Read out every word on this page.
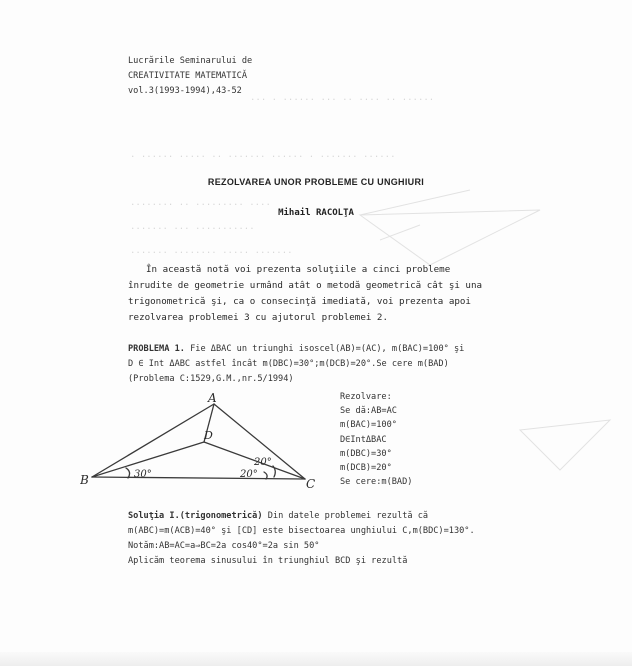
... . ...... ... .. .... .. ......
. ...... ..... .. ....... ...... . ....... ......
........ .. ......... ....
....... ... ...........
....... ........ ..... .......
Lucrările Seminarului de
CREATIVITATE MATEMATICĂ
vol.3(1993-1994),43-52
REZOLVAREA UNOR PROBLEME CU UNGHIURI
Mihail RACOLŢA
În această notă voi prezenta soluţiile a cinci probleme
înrudite de geometrie urmând atât o metodă geometrică cât şi una
trigonometrică şi, ca o consecinţă imediată, voi prezenta apoi
rezolvarea problemei 3 cu ajutorul problemei 2.
PROBLEMA 1. Fie ΔBAC un triunghi isoscel(AB)=(AC), m(BAC)=100° şi
D ∈ Int ΔABC astfel încât m(DBC)=30°;m(DCB)=20°.Se cere m(BAD)
(Problema C:1529,G.M.,nr.5/1994)
A
B	C
D
30°
20°
20°
Rezolvare:
Se dă:AB=AC
m(BAC)=100°
D∈IntΔBAC
m(DBC)=30°
m(DCB)=20°
Se cere:m(BAD)
Soluţia I.(trigonometrică) Din datele problemei rezultă că
m(ABC)=m(ACB)=40° şi [CD] este bisectoarea unghiului C,m(BDC)=130°.
Notăm:AB=AC=a⇒BC=2a cos40°=2a sin 50°
Aplicăm teorema sinusului în triunghiul BCD şi rezultă
